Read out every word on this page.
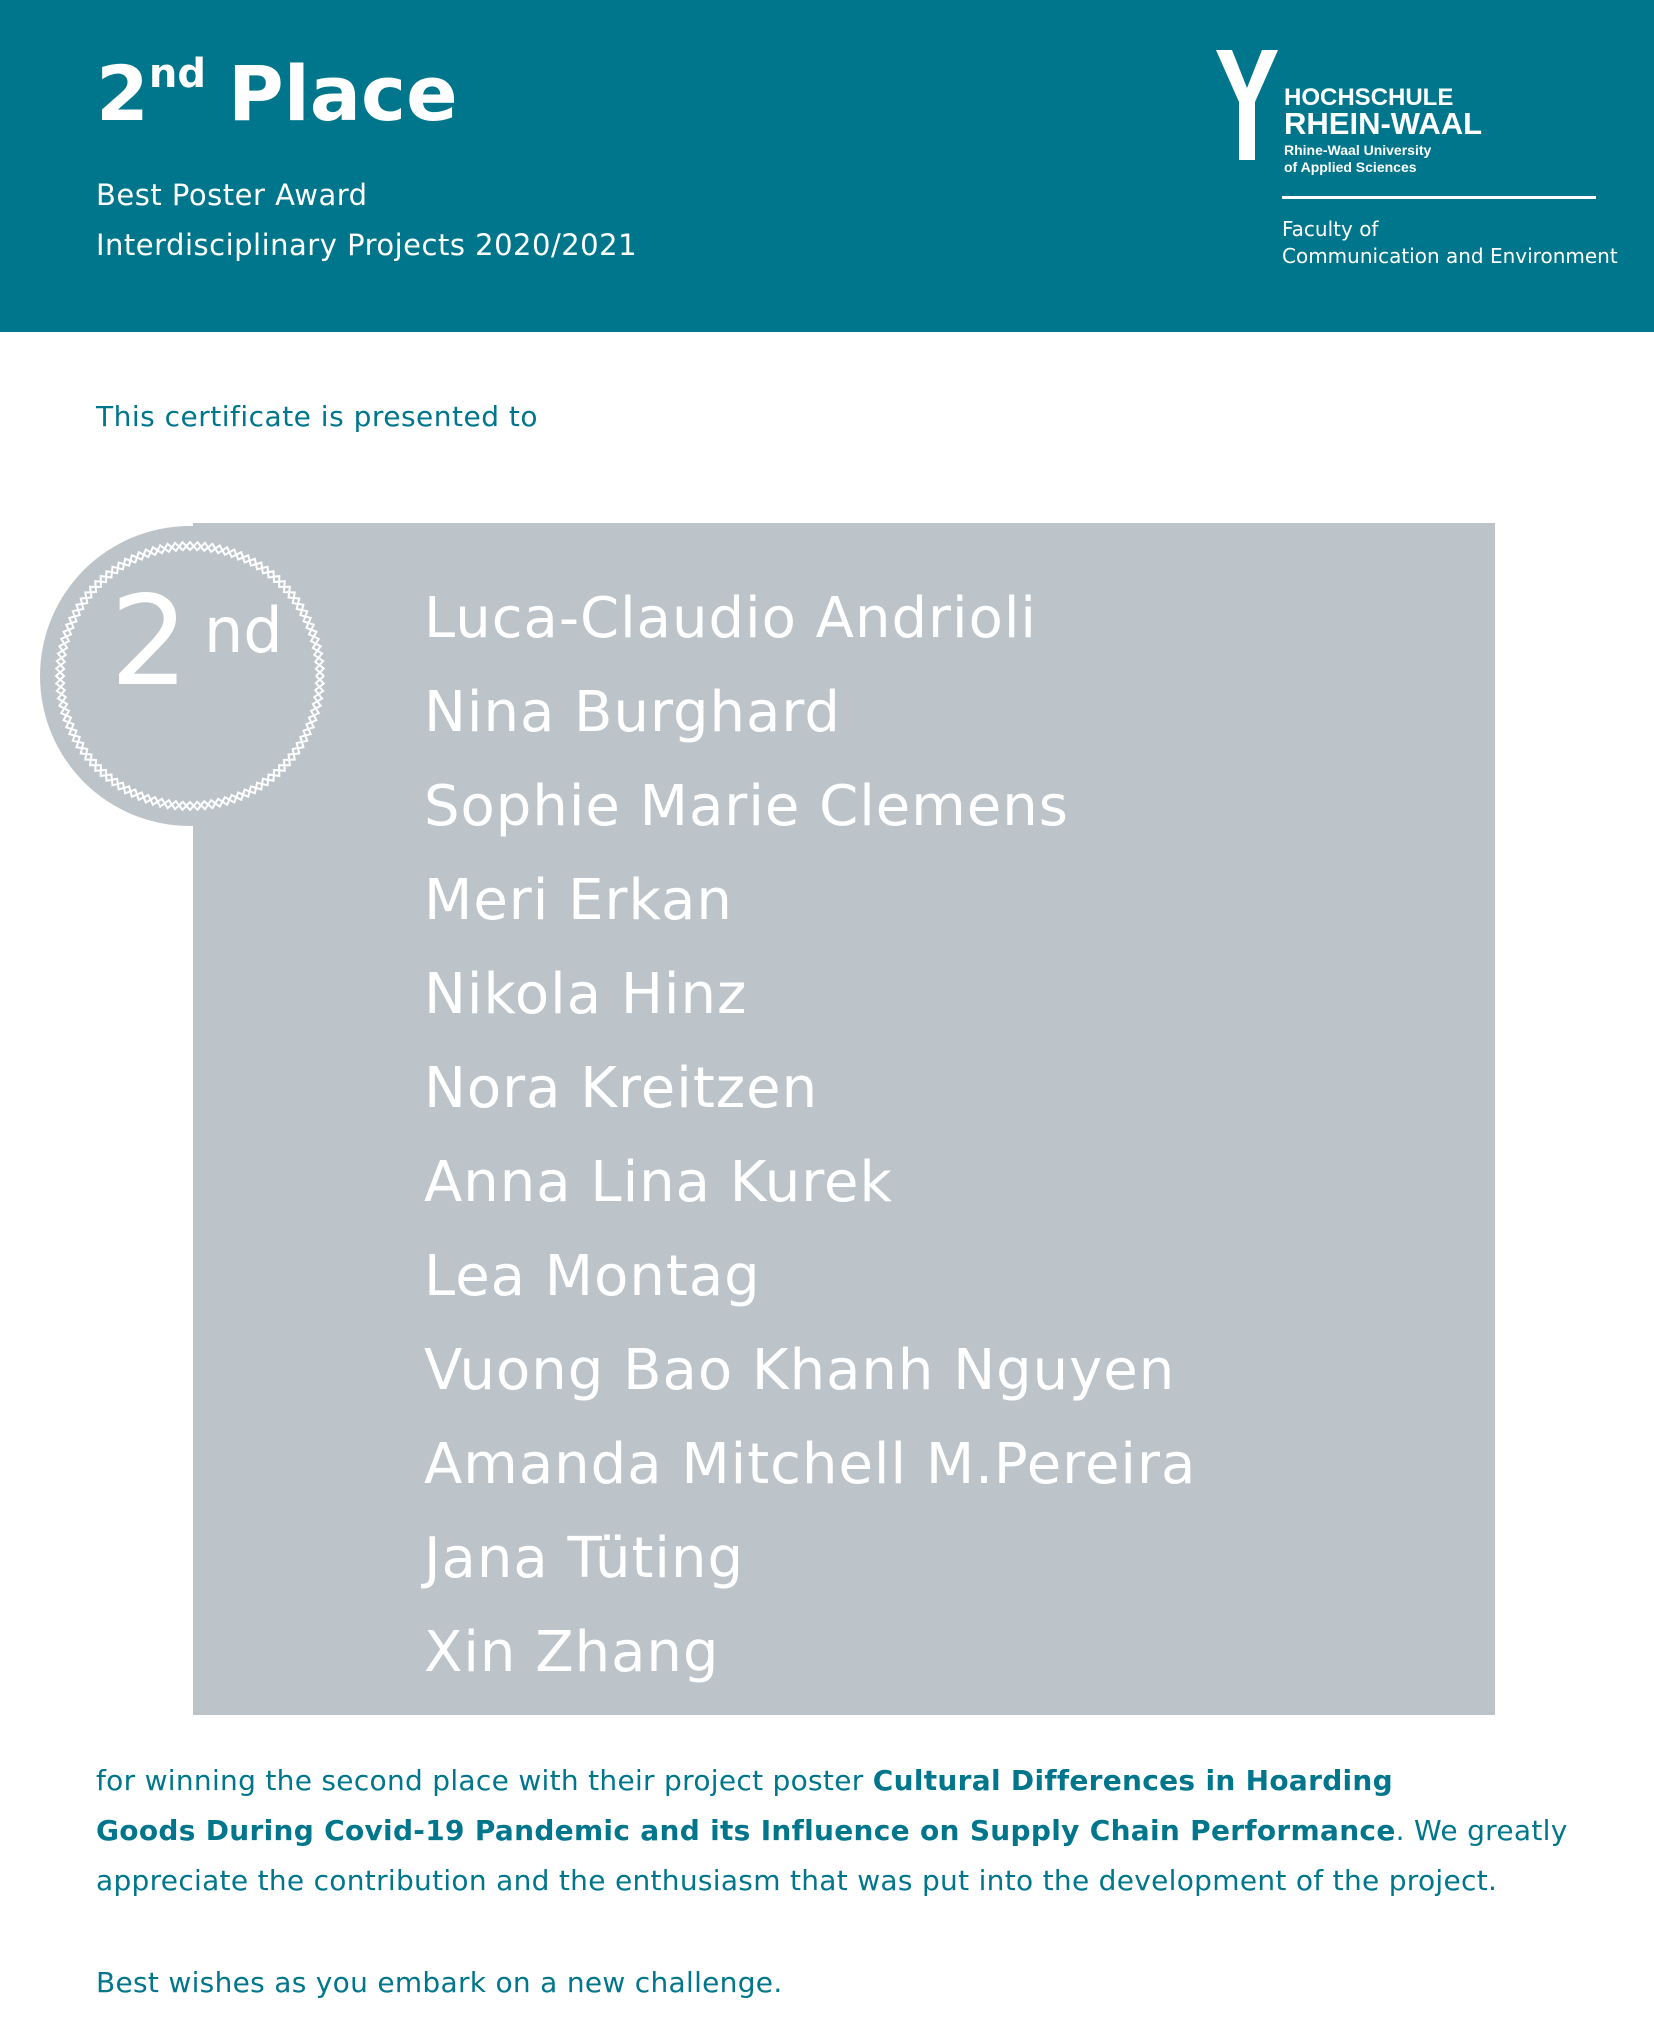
2nd Place
Best Poster Award
Interdisciplinary Projects 2020/2021
HOCHSCHULE
RHEIN-WAAL
Rhine-Waal University
of Applied Sciences
Faculty of
Communication and Environment
This certificate is presented to
2 nd	Luca-Claudio Andrioli
Nina Burghard
Sophie Marie Clemens
Meri Erkan
Nikola Hinz
Nora Kreitzen
Anna Lina Kurek
Lea Montag
Vuong Bao Khanh Nguyen
Amanda Mitchell M.Pereira
Jana Tüting
Xin Zhang
for winning the second place with their project poster Cultural Differences in Hoarding
Goods During Covid-19 Pandemic and its Influence on Supply Chain Performance. We greatly
appreciate the contribution and the enthusiasm that was put into the development of the project.
Best wishes as you embark on a new challenge.
